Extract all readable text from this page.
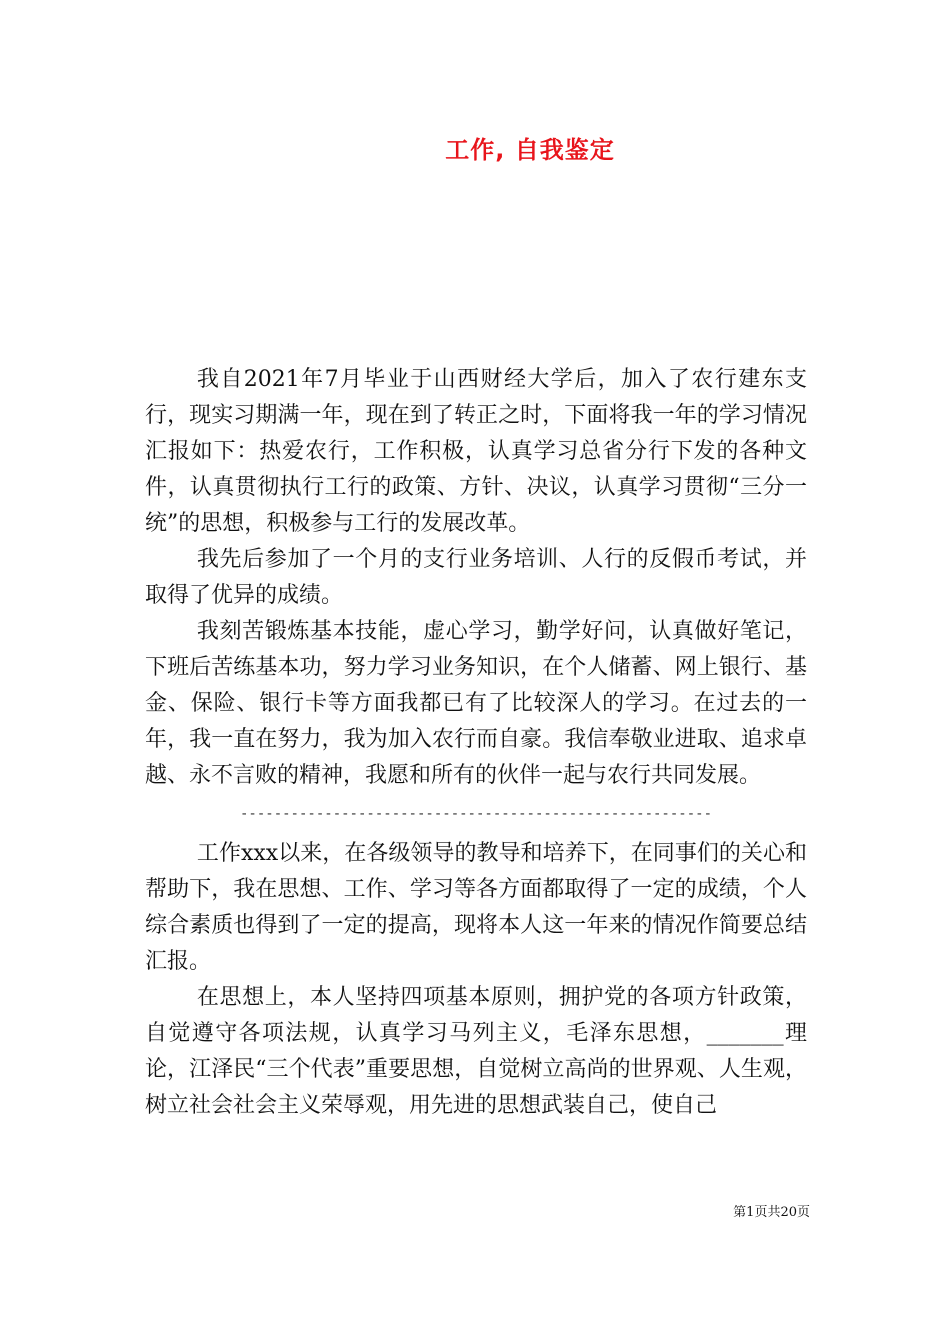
工作, 自我鉴定

我自2021年7月毕业于山西财经大学后，加入了农行建东支行，现实习期满一年，现在到了转正之时，下面将我一年的学习情况汇报如下：热爱农行，工作积极，认真学习总省分行下发的各种文件，认真贯彻执行工行的政策、方针、决议，认真学习贯彻“三分一统”的思想，积极参与工行的发展改革。

我先后参加了一个月的支行业务培训、人行的反假币考试，并取得了优异的成绩。

我刻苦锻炼基本技能，虚心学习，勤学好问，认真做好笔记，下班后苦练基本功，努力学习业务知识，在个人储蓄、网上银行、基金、保险、银行卡等方面我都已有了比较深人的学习。在过去的一年，我一直在努力，我为加入农行而自豪。我信奉敬业进取、追求卓越、永不言败的精神，我愿和所有的伙伴一起与农行共同发展。

--------------------------------------------------------

工作xxx以来，在各级领导的教导和培养下，在同事们的关心和帮助下，我在思想、工作、学习等各方面都取得了一定的成绩，个人综合素质也得到了一定的提高，现将本人这一年来的情况作简要总结汇报。

在思想上，本人坚持四项基本原则，拥护党的各项方针政策，自觉遵守各项法规，认真学习马列主义，毛泽东思想，_______理论，江泽民“三个代表”重要思想，自觉树立高尚的世界观、人生观，树立社会社会主义荣辱观，用先进的思想武装自己，使自己

第1页共20页
